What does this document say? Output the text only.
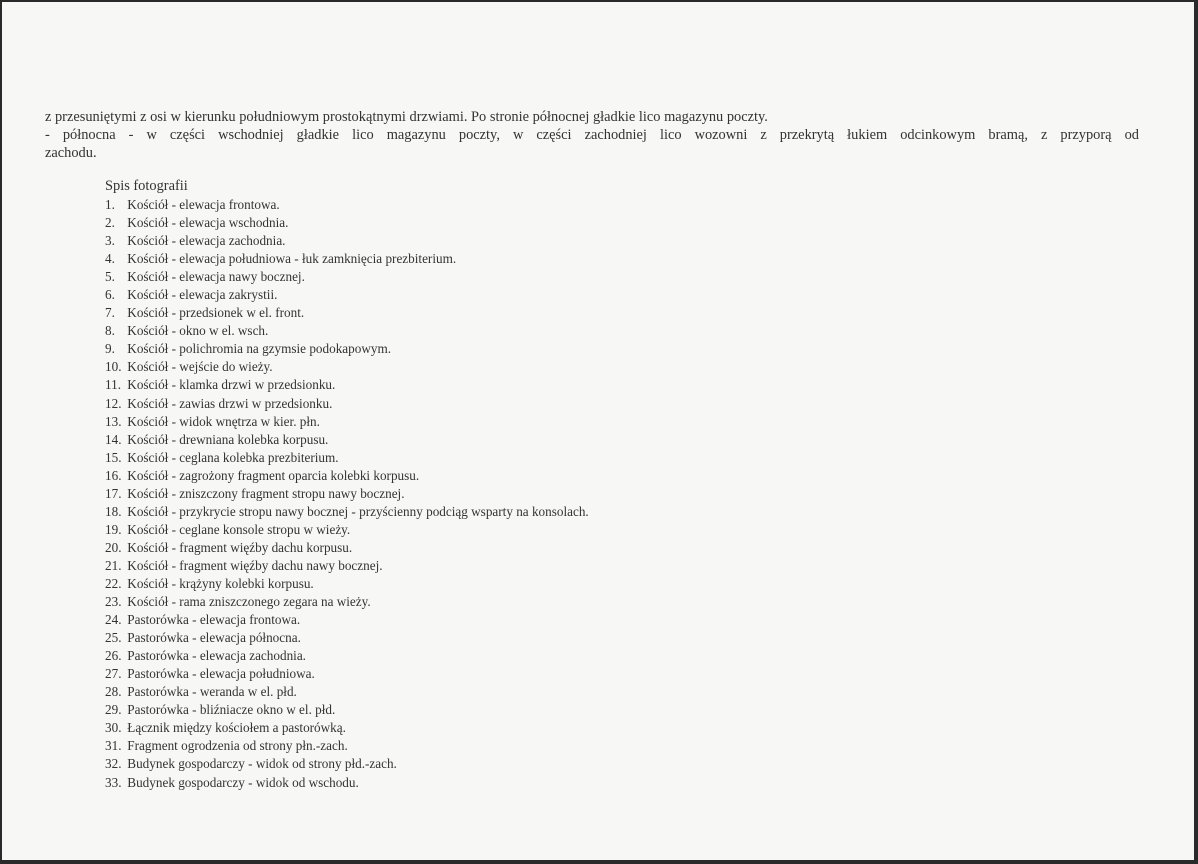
z przesuniętymi z osi w kierunku południowym prostokątnymi drzwiami. Po stronie północnej gładkie lico magazynu poczty.
- północna - w części wschodniej gładkie lico magazynu poczty, w części zachodniej lico wozowni z przekrytą łukiem odcinkowym bramą, z przyporą od
zachodu.
Spis fotografii
1. Kościół - elewacja frontowa.
2. Kościół - elewacja wschodnia.
3. Kościół - elewacja zachodnia.
4. Kościół - elewacja południowa - łuk zamknięcia prezbiterium.
5. Kościół - elewacja nawy bocznej.
6. Kościół - elewacja zakrystii.
7. Kościół - przedsionek w el. front.
8. Kościół - okno w el. wsch.
9. Kościół - polichromia na gzymsie podokapowym.
10. Kościół - wejście do wieży.
11. Kościół - klamka drzwi w przedsionku.
12. Kościół - zawias drzwi w przedsionku.
13. Kościół - widok wnętrza w kier. płn.
14. Kościół - drewniana kolebka korpusu.
15. Kościół - ceglana kolebka prezbiterium.
16. Kościół - zagrożony fragment oparcia kolebki korpusu.
17. Kościół - zniszczony fragment stropu nawy bocznej.
18. Kościół - przykrycie stropu nawy bocznej - przyścienny podciąg wsparty na konsolach.
19. Kościół - ceglane konsole stropu w wieży.
20. Kościół - fragment więźby dachu korpusu.
21. Kościół - fragment więźby dachu nawy bocznej.
22. Kościół - krążyny kolebki korpusu.
23. Kościół - rama zniszczonego zegara na wieży.
24. Pastorówka - elewacja frontowa.
25. Pastorówka - elewacja północna.
26. Pastorówka - elewacja zachodnia.
27. Pastorówka - elewacja południowa.
28. Pastorówka - weranda w el. płd.
29. Pastorówka - bliźniacze okno w el. płd.
30. Łącznik między kościołem a pastorówką.
31. Fragment ogrodzenia od strony płn.-zach.
32. Budynek gospodarczy - widok od strony płd.-zach.
33. Budynek gospodarczy - widok od wschodu.
